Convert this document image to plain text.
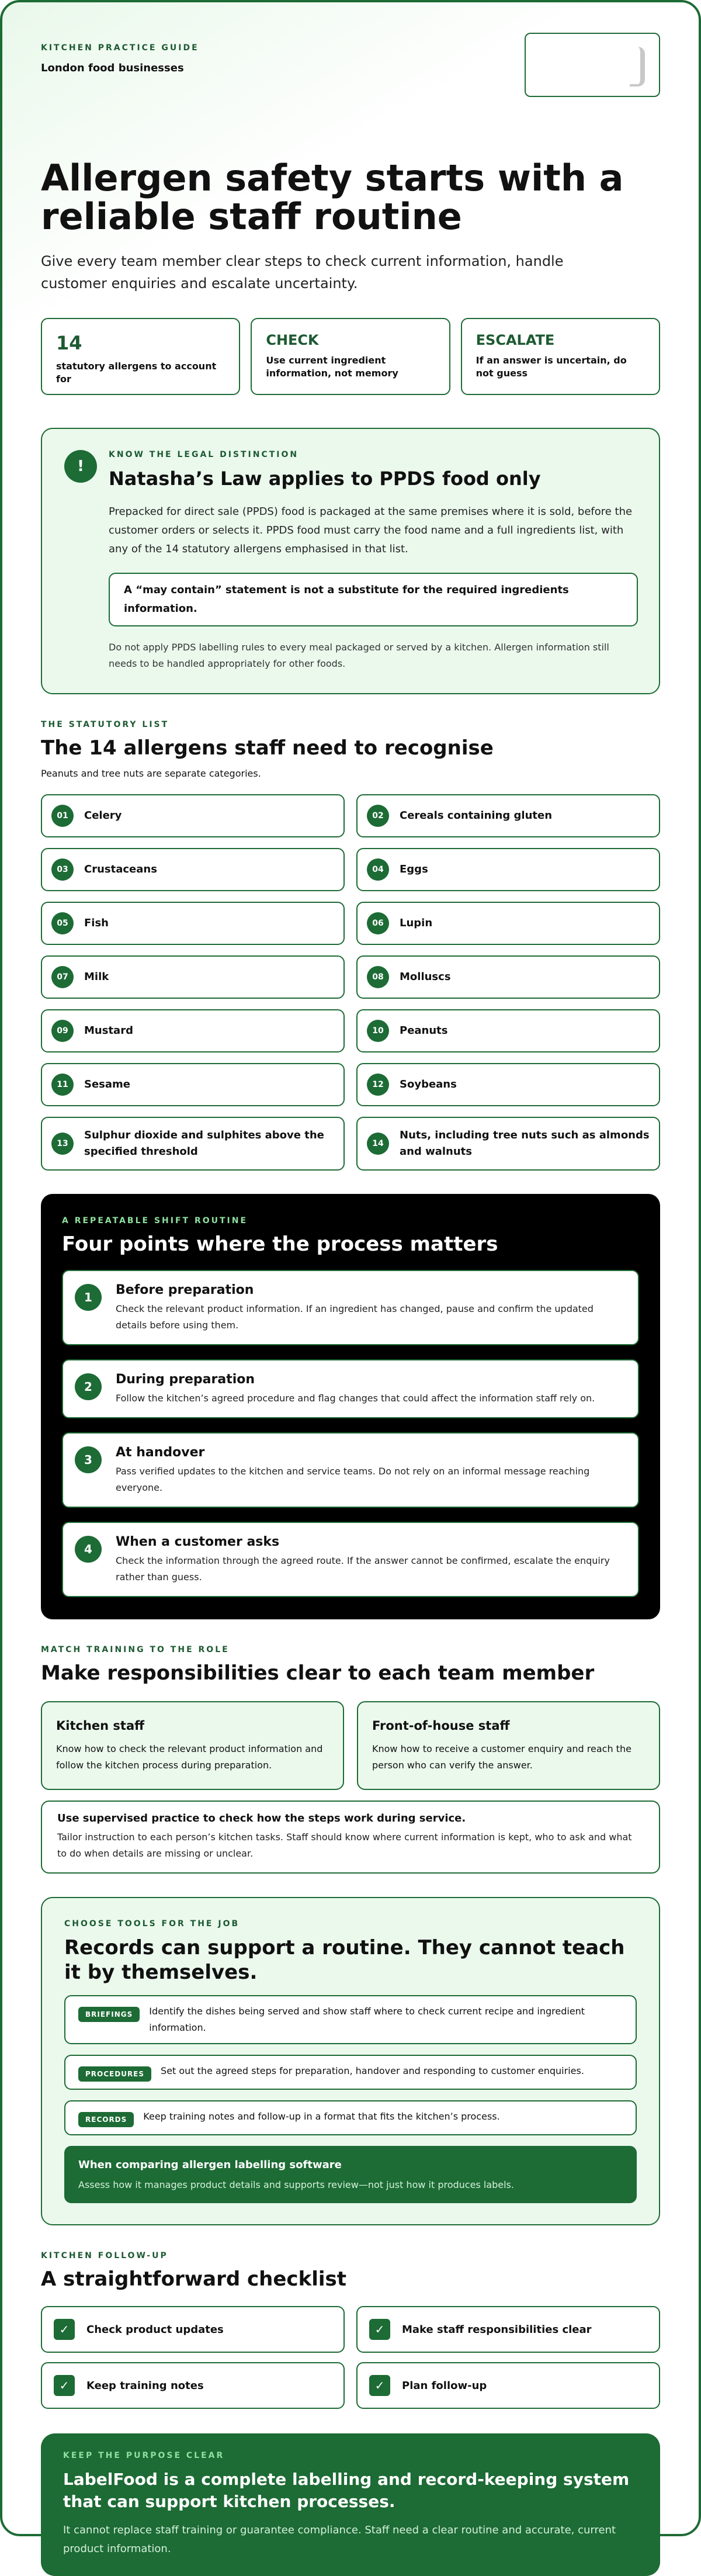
KITCHEN PRACTICE GUIDE
London food businesses
Allergen safety starts with a reliable staff routine

Give every team member clear steps to check current information, handle customer enquiries and escalate uncertainty.

14
statutory allergens to account for
CHECK
Use current ingredient information, not memory
ESCALATE
If an answer is uncertain, do not guess
!
KNOW THE LEGAL DISTINCTION
Natasha’s Law applies to PPDS food only

Prepacked for direct sale (PPDS) food is packaged at the same premises where it is sold, before the customer orders or selects it. PPDS food must carry the food name and a full ingredients list, with any of the 14 statutory allergens emphasised in that list.

A “may contain” statement is not a substitute for the required ingredients information.

Do not apply PPDS labelling rules to every meal packaged or served by a kitchen. Allergen information still needs to be handled appropriately for other foods.

THE STATUTORY LIST
The 14 allergens staff need to recognise
Peanuts and tree nuts are separate categories.
01	Celery	02	Cereals containing gluten
03	Crustaceans	04	Eggs
05	Fish	06	Lupin
07	Milk	08	Molluscs
09	Mustard	10	Peanuts
11	Sesame	12	Soybeans
13
Sulphur dioxide and sulphites above the specified threshold
14
Nuts, including tree nuts such as almonds and walnuts
A REPEATABLE SHIFT ROUTINE
Four points where the process matters
1	Before preparation

Check the relevant product information. If an ingredient has changed, pause and confirm the updated details before using them.

2	During preparation

Follow the kitchen’s agreed procedure and flag changes that could affect the information staff rely on.

3	At handover

Pass verified updates to the kitchen and service teams. Do not rely on an informal message reaching everyone.

4	When a customer asks

Check the information through the agreed route. If the answer cannot be confirmed, escalate the enquiry rather than guess.

MATCH TRAINING TO THE ROLE
Make responsibilities clear to each team member
Kitchen staff

Know how to check the relevant product information and follow the kitchen process during preparation.

Front-of-house staff

Know how to receive a customer enquiry and reach the person who can verify the answer.

Use supervised practice to check how the steps work during service.

Tailor instruction to each person’s kitchen tasks. Staff should know where current information is kept, who to ask and what to do when details are missing or unclear.

CHOOSE TOOLS FOR THE JOB
Records can support a routine. They cannot teach it by themselves.
BRIEFINGS	Identify the dishes being served and show staff where to check current recipe and ingredient information.

PROCEDURES	Set out the agreed steps for preparation, handover and responding to customer enquiries.

RECORDS	Keep training notes and follow-up in a format that fits the kitchen’s process.

When comparing allergen labelling software

Assess how it manages product details and supports review—not just how it produces labels.

KITCHEN FOLLOW-UP
A straightforward checklist
✓	Check product updates	✓	Make staff responsibilities clear
✓	Keep training notes	✓	Plan follow-up
KEEP THE PURPOSE CLEAR
LabelFood is a complete labelling and record-keeping system that can support kitchen processes.

It cannot replace staff training or guarantee compliance. Staff need a clear routine and accurate, current product information.
